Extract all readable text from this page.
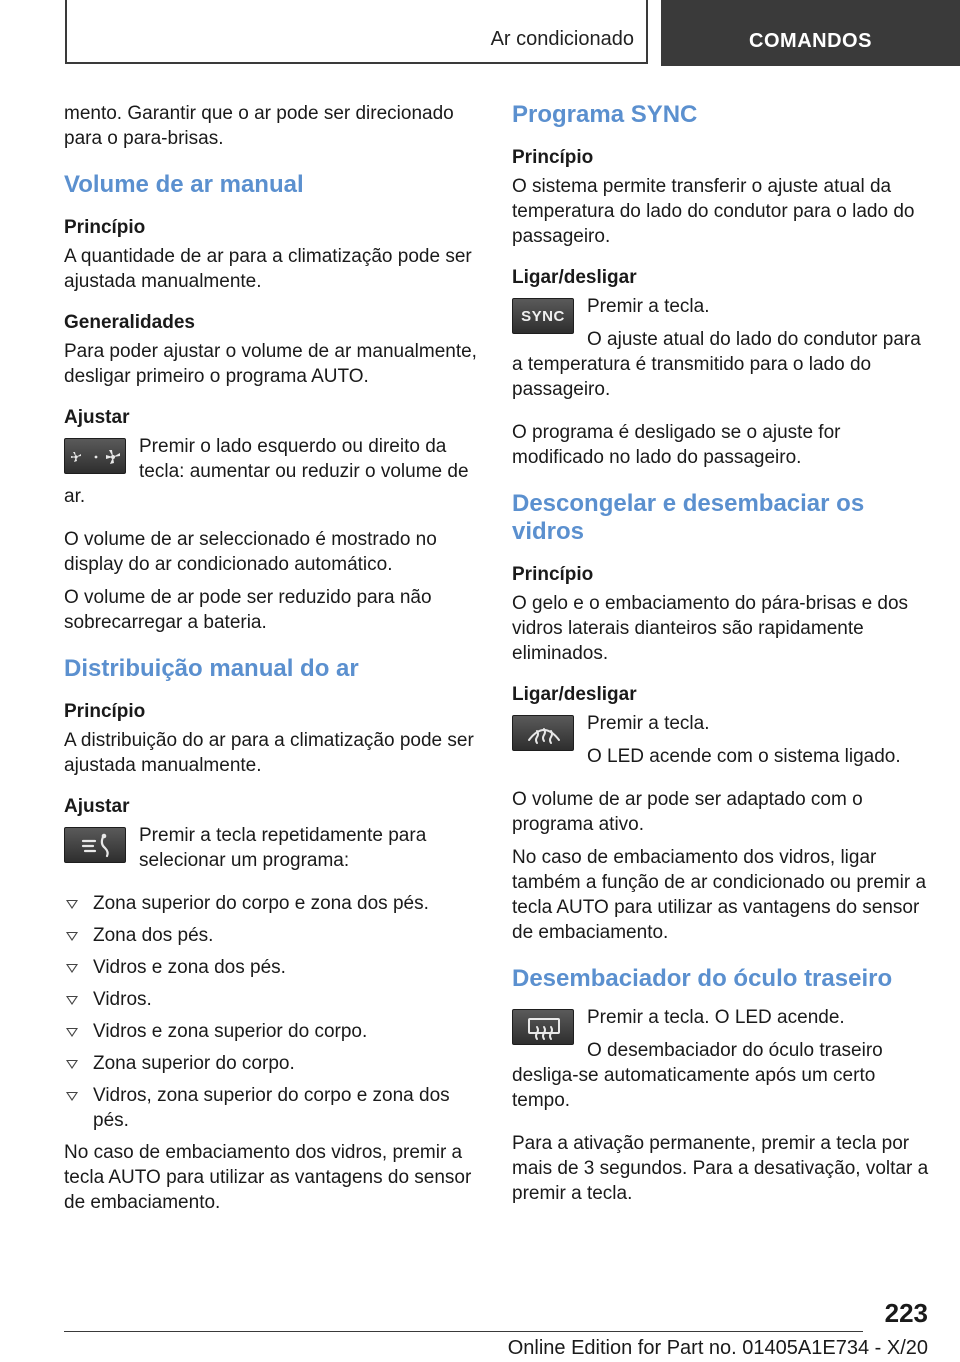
Ar condicionado	COMANDOS

mento. Garantir que o ar pode ser direcionado para o para-brisas.

Volume de ar manual
Princípio

A quantidade de ar para a climatização pode ser ajustada manualmente.

Generalidades

Para poder ajustar o volume de ar manualmente, desligar primeiro o programa AUTO.

Ajustar

Premir o lado esquerdo ou direito da tecla: aumentar ou reduzir o volume de ar.

O volume de ar seleccionado é mostrado no display do ar condicionado automático.

O volume de ar pode ser reduzido para não sobrecarregar a bateria.

Distribuição manual do ar
Princípio

A distribuição do ar para a climatização pode ser ajustada manualmente.

Ajustar

Premir a tecla repetidamente para selecionar um programa:

Zona superior do corpo e zona dos pés.
Zona dos pés.
Vidros e zona dos pés.
Vidros.
Vidros e zona superior do corpo.
Zona superior do corpo.
Vidros, zona superior do corpo e zona dos pés.

No caso de embaciamento dos vidros, premir a tecla AUTO para utilizar as vantagens do sensor de embaciamento.

Programa SYNC
Princípio

O sistema permite transferir o ajuste atual da temperatura do lado do condutor para o lado do passageiro.

Ligar/desligar
SYNC	Premir a tecla.

O ajuste atual do lado do condutor para a temperatura é transmitido para o lado do passageiro.

O programa é desligado se o ajuste for modificado no lado do passageiro.

Descongelar e desembaciar os vidros
Princípio

O gelo e o embaciamento do pára-brisas e dos vidros laterais dianteiros são rapidamente eliminados.

Ligar/desligar

Premir a tecla.

O LED acende com o sistema ligado.

O volume de ar pode ser adaptado com o programa ativo.

No caso de embaciamento dos vidros, ligar também a função de ar condicionado ou premir a tecla AUTO para utilizar as vantagens do sensor de embaciamento.

Desembaciador do óculo traseiro

Premir a tecla. O LED acende.

O desembaciador do óculo traseiro desliga-se automaticamente após um certo tempo.

Para a ativação permanente, premir a tecla por mais de 3 segundos. Para a desativação, voltar a premir a tecla.

223
Online Edition for Part no. 01405A1E734 - X/20
